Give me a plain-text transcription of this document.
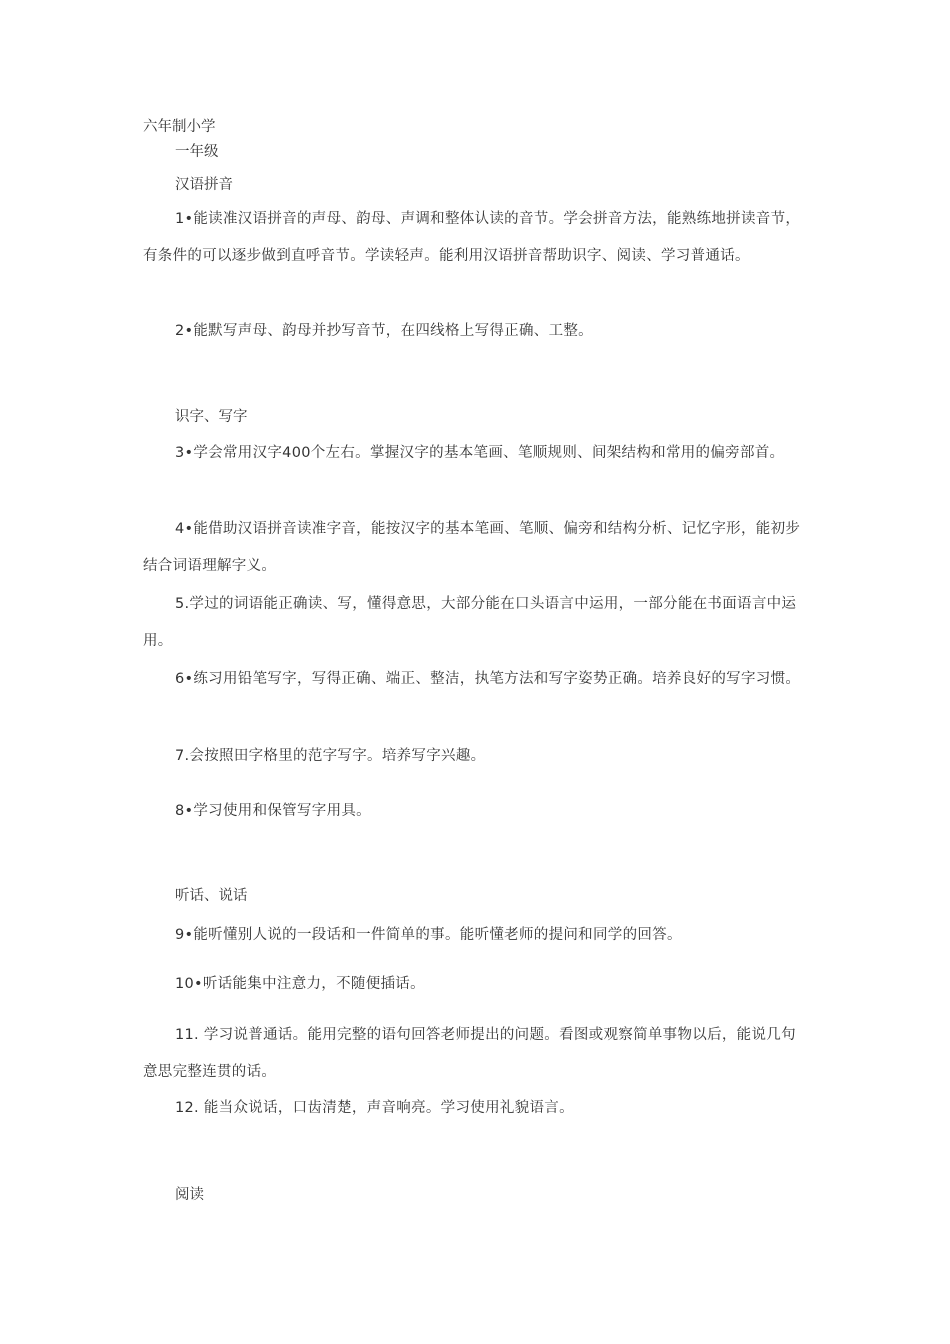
六年制小学
一年级
汉语拼音
1•能读准汉语拼音的声母、韵母、声调和整体认读的音节。学会拼音方法，能熟练地拼读音节，有条件的可以逐步做到直呼音节。学读轻声。能利用汉语拼音帮助识字、阅读、学习普通话。
2•能默写声母、韵母并抄写音节，在四线格上写得正确、工整。
识字、写字
3•学会常用汉字400个左右。掌握汉字的基本笔画、笔顺规则、间架结构和常用的偏旁部首。
4•能借助汉语拼音读准字音，能按汉字的基本笔画、笔顺、偏旁和结构分析、记忆字形，能初步结合词语理解字义。
5.学过的词语能正确读、写，懂得意思，大部分能在口头语言中运用，一部分能在书面语言中运用。
6•练习用铅笔写字，写得正确、端正、整洁，执笔方法和写字姿势正确。培养良好的写字习惯。
7.会按照田字格里的范字写字。培养写字兴趣。
8•学习使用和保管写字用具。
听话、说话
9•能听懂别人说的一段话和一件简单的事。能听懂老师的提问和同学的回答。
10•听话能集中注意力，不随便插话。
11. 学习说普通话。能用完整的语句回答老师提出的问题。看图或观察简单事物以后，能说几句意思完整连贯的话。
12. 能当众说话，口齿清楚，声音响亮。学习使用礼貌语言。
阅读
